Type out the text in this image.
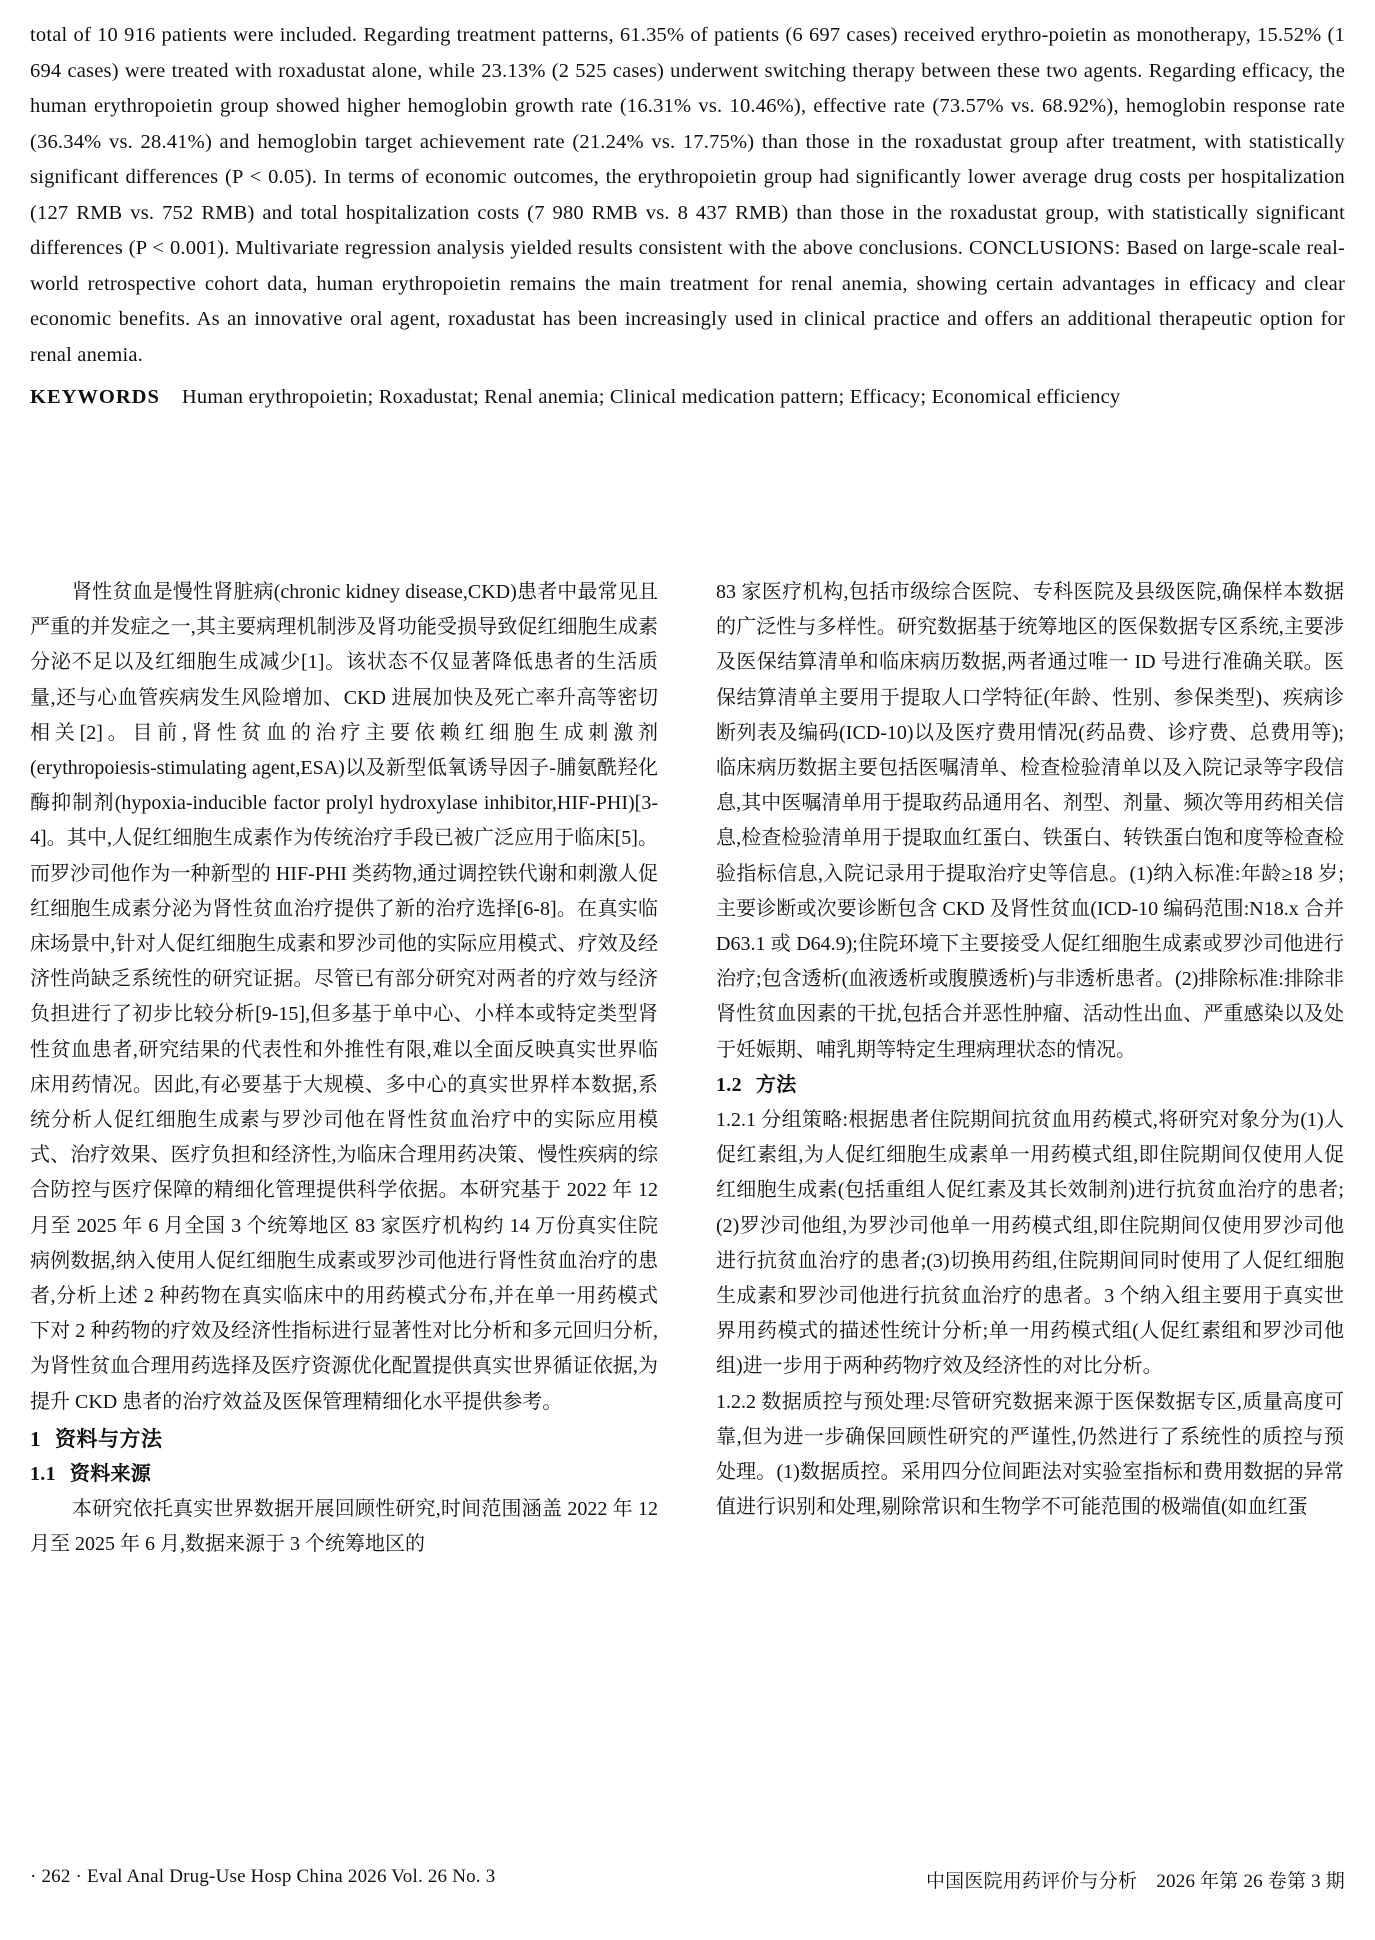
total of 10 916 patients were included. Regarding treatment patterns, 61.35% of patients (6 697 cases) received erythro-poietin as monotherapy, 15.52% (1 694 cases) were treated with roxadustat alone, while 23.13% (2 525 cases) underwent switching therapy between these two agents. Regarding efficacy, the human erythropoietin group showed higher hemoglobin growth rate (16.31% vs. 10.46%), effective rate (73.57% vs. 68.92%), hemoglobin response rate (36.34% vs. 28.41%) and hemoglobin target achievement rate (21.24% vs. 17.75%) than those in the roxadustat group after treatment, with statistically significant differences (P < 0.05). In terms of economic outcomes, the erythropoietin group had significantly lower average drug costs per hospitalization (127 RMB vs. 752 RMB) and total hospitalization costs (7 980 RMB vs. 8 437 RMB) than those in the roxadustat group, with statistically significant differences (P < 0.001). Multivariate regression analysis yielded results consistent with the above conclusions. CONCLUSIONS: Based on large-scale real-world retrospective cohort data, human erythropoietin remains the main treatment for renal anemia, showing certain advantages in efficacy and clear economic benefits. As an innovative oral agent, roxadustat has been increasingly used in clinical practice and offers an additional therapeutic option for renal anemia.

KEYWORDS Human erythropoietin; Roxadustat; Renal anemia; Clinical medication pattern; Efficacy; Economical efficiency

肾性贫血是慢性肾脏病(chronic kidney disease,CKD)患者中最常见且严重的并发症之一,其主要病理机制涉及肾功能受损导致促红细胞生成素分泌不足以及红细胞生成减少[1]。该状态不仅显著降低患者的生活质量,还与心血管疾病发生风险增加、CKD 进展加快及死亡率升高等密切相关[2]。目前,肾性贫血的治疗主要依赖红细胞生成刺激剂(erythropoiesis-stimulating agent,ESA)以及新型低氧诱导因子-脯氨酰羟化酶抑制剂(hypoxia-inducible factor prolyl hydroxylase inhibitor,HIF-PHI)[3-4]。其中,人促红细胞生成素作为传统治疗手段已被广泛应用于临床[5]。而罗沙司他作为一种新型的 HIF-PHI 类药物,通过调控铁代谢和刺激人促红细胞生成素分泌为肾性贫血治疗提供了新的治疗选择[6-8]。在真实临床场景中,针对人促红细胞生成素和罗沙司他的实际应用模式、疗效及经济性尚缺乏系统性的研究证据。尽管已有部分研究对两者的疗效与经济负担进行了初步比较分析[9-15],但多基于单中心、小样本或特定类型肾性贫血患者,研究结果的代表性和外推性有限,难以全面反映真实世界临床用药情况。因此,有必要基于大规模、多中心的真实世界样本数据,系统分析人促红细胞生成素与罗沙司他在肾性贫血治疗中的实际应用模式、治疗效果、医疗负担和经济性,为临床合理用药决策、慢性疾病的综合防控与医疗保障的精细化管理提供科学依据。本研究基于 2022 年 12 月至 2025 年 6 月全国 3 个统筹地区 83 家医疗机构约 14 万份真实住院病例数据,纳入使用人促红细胞生成素或罗沙司他进行肾性贫血治疗的患者,分析上述 2 种药物在真实临床中的用药模式分布,并在单一用药模式下对 2 种药物的疗效及经济性指标进行显著性对比分析和多元回归分析,为肾性贫血合理用药选择及医疗资源优化配置提供真实世界循证依据,为提升 CKD 患者的治疗效益及医保管理精细化水平提供参考。

1 资料与方法

1.1 资料来源

本研究依托真实世界数据开展回顾性研究,时间范围涵盖 2022 年 12 月至 2025 年 6 月,数据来源于 3 个统筹地区的

83 家医疗机构,包括市级综合医院、专科医院及县级医院,确保样本数据的广泛性与多样性。研究数据基于统筹地区的医保数据专区系统,主要涉及医保结算清单和临床病历数据,两者通过唯一 ID 号进行准确关联。医保结算清单主要用于提取人口学特征(年龄、性别、参保类型)、疾病诊断列表及编码(ICD-10)以及医疗费用情况(药品费、诊疗费、总费用等);临床病历数据主要包括医嘱清单、检查检验清单以及入院记录等字段信息,其中医嘱清单用于提取药品通用名、剂型、剂量、频次等用药相关信息,检查检验清单用于提取血红蛋白、铁蛋白、转铁蛋白饱和度等检查检验指标信息,入院记录用于提取治疗史等信息。(1)纳入标准:年龄≥18 岁;主要诊断或次要诊断包含 CKD 及肾性贫血(ICD-10 编码范围:N18.x 合并 D63.1 或 D64.9);住院环境下主要接受人促红细胞生成素或罗沙司他进行治疗;包含透析(血液透析或腹膜透析)与非透析患者。(2)排除标准:排除非肾性贫血因素的干扰,包括合并恶性肿瘤、活动性出血、严重感染以及处于妊娠期、哺乳期等特定生理病理状态的情况。

1.2 方法

1.2.1 分组策略:根据患者住院期间抗贫血用药模式,将研究对象分为(1)人促红素组,为人促红细胞生成素单一用药模式组,即住院期间仅使用人促红细胞生成素(包括重组人促红素及其长效制剂)进行抗贫血治疗的患者;(2)罗沙司他组,为罗沙司他单一用药模式组,即住院期间仅使用罗沙司他进行抗贫血治疗的患者;(3)切换用药组,住院期间同时使用了人促红细胞生成素和罗沙司他进行抗贫血治疗的患者。3 个纳入组主要用于真实世界用药模式的描述性统计分析;单一用药模式组(人促红素组和罗沙司他组)进一步用于两种药物疗效及经济性的对比分析。

1.2.2 数据质控与预处理:尽管研究数据来源于医保数据专区,质量高度可靠,但为进一步确保回顾性研究的严谨性,仍然进行了系统性的质控与预处理。(1)数据质控。采用四分位间距法对实验室指标和费用数据的异常值进行识别和处理,剔除常识和生物学不可能范围的极端值(如血红蛋

· 262 · Eval Anal Drug-Use Hosp China 2026 Vol. 26 No. 3	中国医院用药评价与分析　2026 年第 26 卷第 3 期
